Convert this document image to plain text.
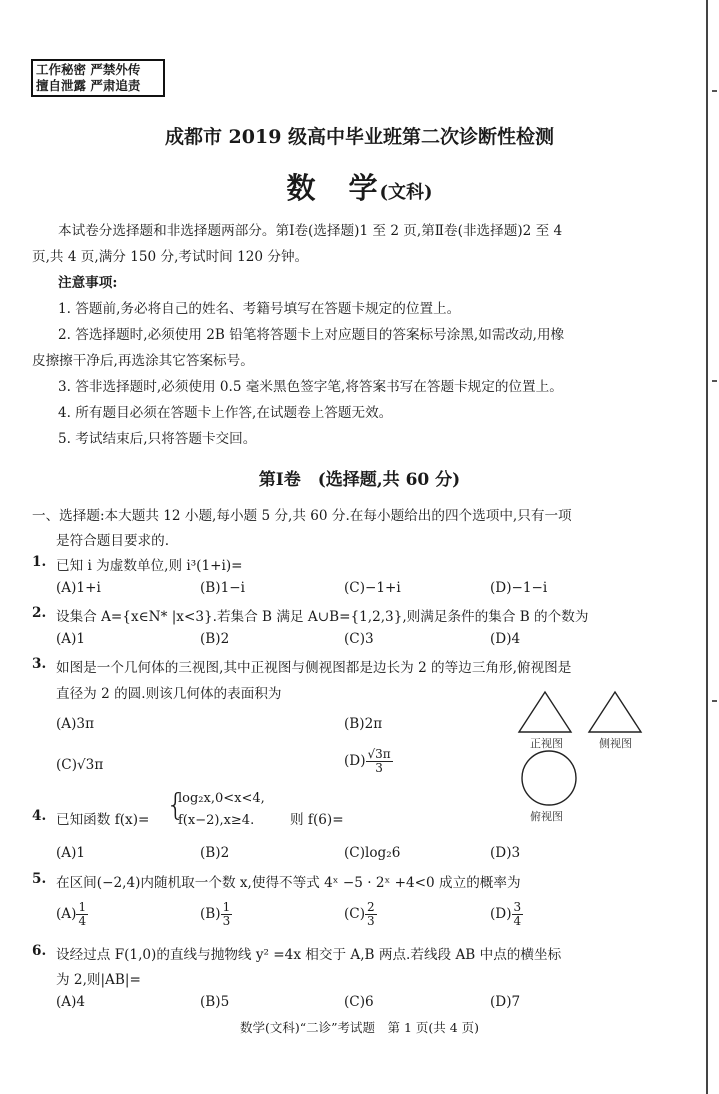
工作秘密 严禁外传
擅自泄露 严肃追责
成都市 2019 级高中毕业班第二次诊断性检测
数　学(文科)
本试卷分选择题和非选择题两部分。第Ⅰ卷(选择题)1 至 2 页,第Ⅱ卷(非选择题)2 至 4
页,共 4 页,满分 150 分,考试时间 120 分钟。
注意事项:
1. 答题前,务必将自己的姓名、考籍号填写在答题卡规定的位置上。
2. 答选择题时,必须使用 2B 铅笔将答题卡上对应题目的答案标号涂黑,如需改动,用橡
皮擦擦干净后,再选涂其它答案标号。
3. 答非选择题时,必须使用 0.5 毫米黑色签字笔,将答案书写在答题卡规定的位置上。
4. 所有题目必须在答题卡上作答,在试题卷上答题无效。
5. 考试结束后,只将答题卡交回。
第Ⅰ卷　(选择题,共 60 分)
一、选择题:本大题共 12 小题,每小题 5 分,共 60 分.在每小题给出的四个选项中,只有一项
是符合题目要求的.
1. 已知 i 为虚数单位,则 i³(1+i)=
(A)1+i	(B)1−i	(C)−1+i	(D)−1−i
2. 设集合 A={x∈N* |x<3}.若集合 B 满足 A∪B={1,2,3},则满足条件的集合 B 的个数为
(A)1	(B)2	(C)3	(D)4
3. 如图是一个几何体的三视图,其中正视图与侧视图都是边长为 2 的等边三角形,俯视图是
直径为 2 的圆.则该几何体的表面积为
(A)3π	(B)2π
(C)√3π	$(D) \frac{√3\pi}{3}$
正视图	侧视图
俯视图
4. 已知函数 f(x)= {
log₂x,0<x<4,
f(x−2),x≥4.	则 f(6)=
(A)1	(B)2	(C)log₂6	(D)3
5. 在区间(−2,4)内随机取一个数 x,使得不等式 4ˣ −5 · 2ˣ +4<0 成立的概率为
$(A) \frac{1}{4}$	$(B) \frac{1}{3}$	$(C) \frac{2}{3}$	$(D) \frac{3}{4}$
6. 设经过点 F(1,0)的直线与抛物线 y² =4x 相交于 A,B 两点.若线段 AB 中点的横坐标
为 2,则|AB|=
(A)4	(B)5	(C)6	(D)7
数学(文科)“二诊”考试题　第 1 页(共 4 页)
